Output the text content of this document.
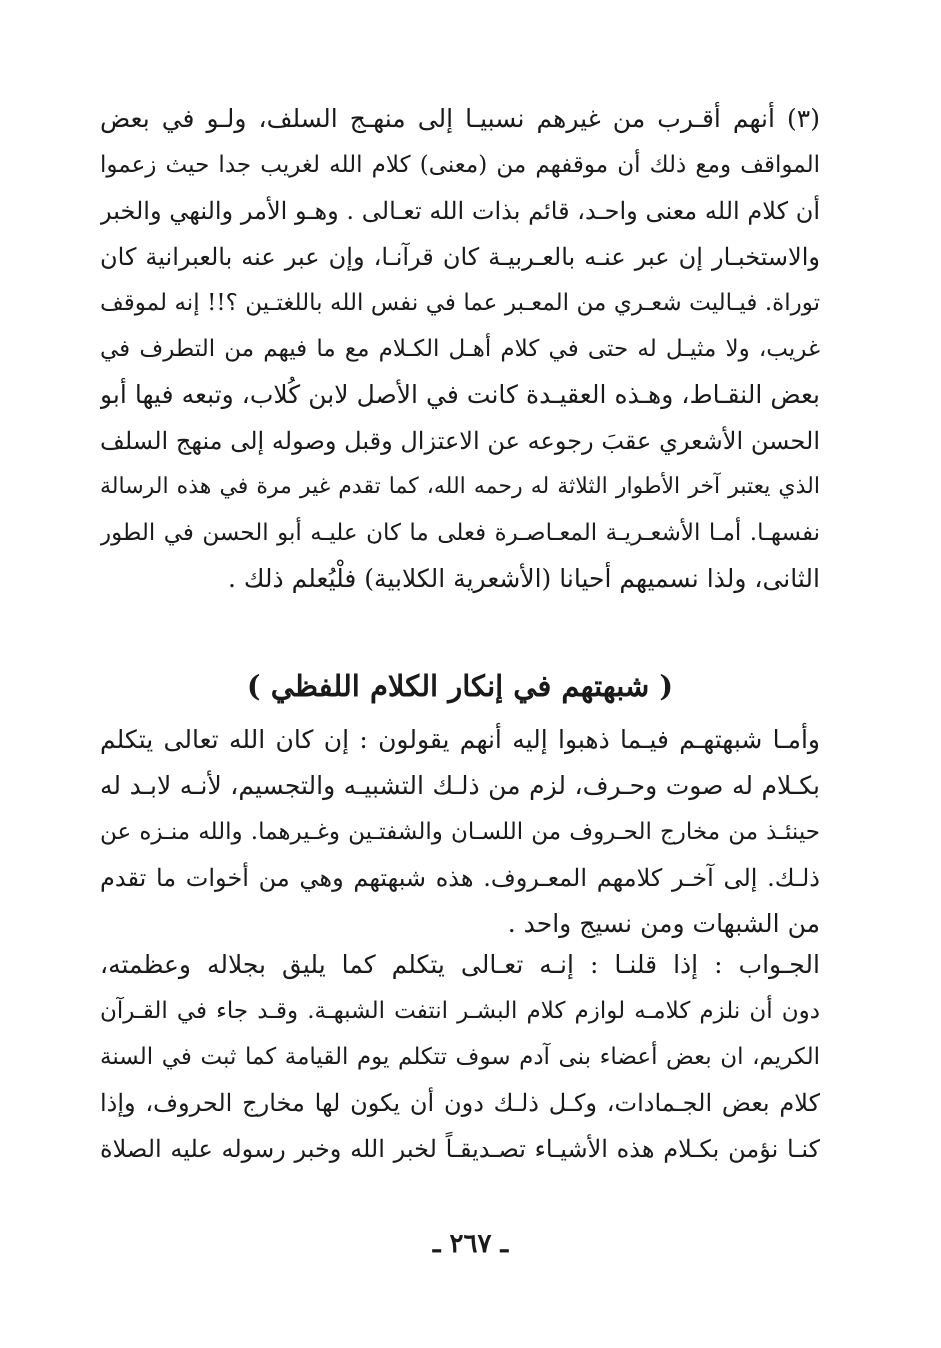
(٣) أنهم أقـرب من غيرهم نسبيـا إلى منهـج السلف، ولـو في بعض
المواقف ومع ذلك أن موقفهم من (معنى) كلام الله لغريب جدا حيث زعموا
أن كلام الله معنى واحـد، قائم بذات الله تعـالى . وهـو الأمر والنهي والخبر
والاستخبـار إن عبر عنـه بالعـربيـة كان قرآنـا، وإن عبر عنه بالعبرانية كان
توراة. فيـاليت شعـري من المعـبر عما في نفس الله باللغتـين ؟!! إنه لموقف
غريب، ولا مثيـل له حتى في كلام أهـل الكـلام مع ما فيهم من التطرف في
بعض النقـاط، وهـذه العقيـدة كانت في الأصل لابن كُلاب، وتبعه فيها أبو
الحسن الأشعري عقبَ رجوعه عن الاعتزال وقبل وصوله إلى منهج السلف
الذي يعتبر آخر الأطوار الثلاثة له رحمه الله، كما تقدم غير مرة في هذه الرسالة
نفسهـا. أمـا الأشعـريـة المعـاصـرة فعلى ما كان عليـه أبو الحسن في الطور
الثانى، ولذا نسميهم أحيانا (الأشعرية الكلابية) فلْيُعلم ذلك .
( شبهتهم في إنكار الكلام اللفظي )
وأمـا شبهتهـم فيـما ذهبوا إليه أنهم يقولون : إن كان الله تعالى يتكلم
بكـلام له صوت وحـرف، لزم من ذلـك التشبيـه والتجسيم، لأنـه لابـد له
حينئـذ من مخارج الحـروف من اللسـان والشفتـين وغـيرهما. والله منـزه عن
ذلـك. إلى آخـر كلامهم المعـروف. هذه شبهتهم وهي من أخوات ما تقدم
من الشبهات ومن نسيج واحد .
الجـواب : إذا قلنـا : إنـه تعـالى يتكلم كما يليق بجلاله وعظمته،
دون أن نلزم كلامـه لوازم كلام البشـر انتفت الشبهـة. وقـد جاء في القـرآن
الكريم، ان بعض أعضاء بنى آدم سوف تتكلم يوم القيامة كما ثبت في السنة
كلام بعض الجـمادات، وكـل ذلـك دون أن يكون لها مخارج الحروف، وإذا
كنـا نؤمن بكـلام هذه الأشيـاء تصـديقـاً لخبر الله وخبر رسوله عليه الصلاة
ـ ٢٦٧ ـ
